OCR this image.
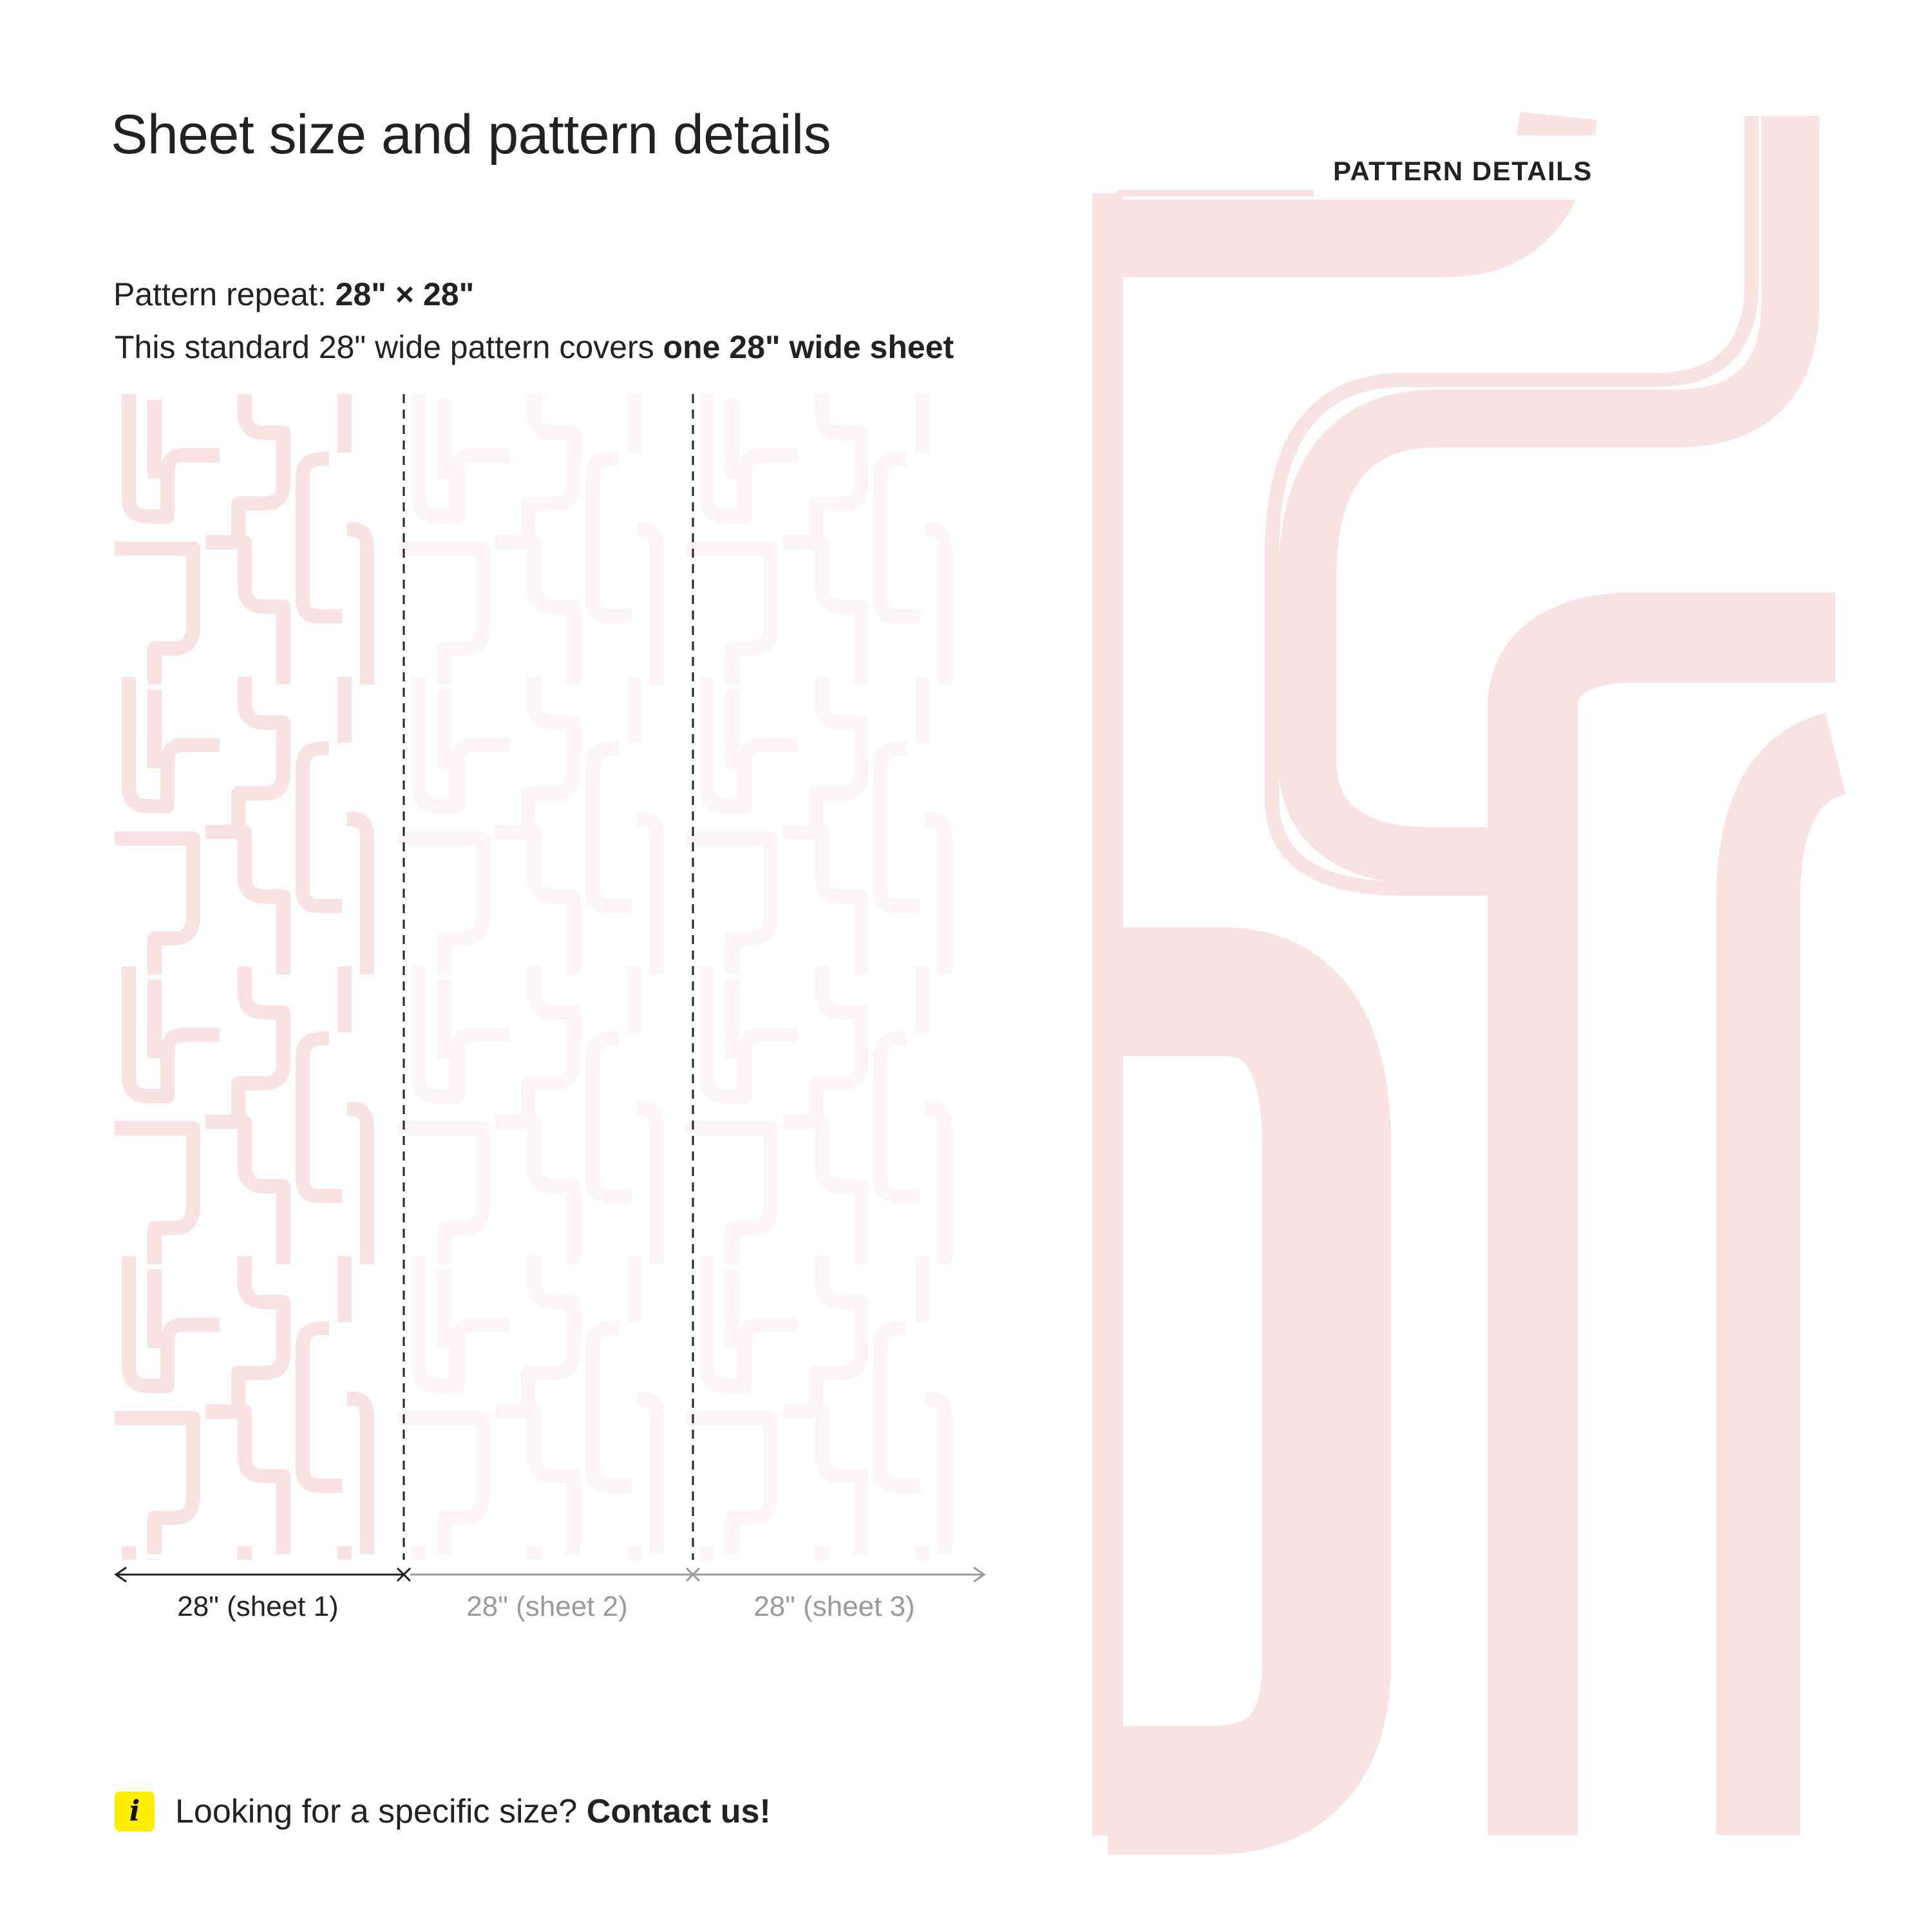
Sheet size and pattern details
Pattern repeat: 28" × 28"
This standard 28" wide pattern covers one 28" wide sheet
28" (sheet 1)	28" (sheet 2)	28" (sheet 3)
PATTERN DETAILS
i	Looking for a specific size? Contact us!
